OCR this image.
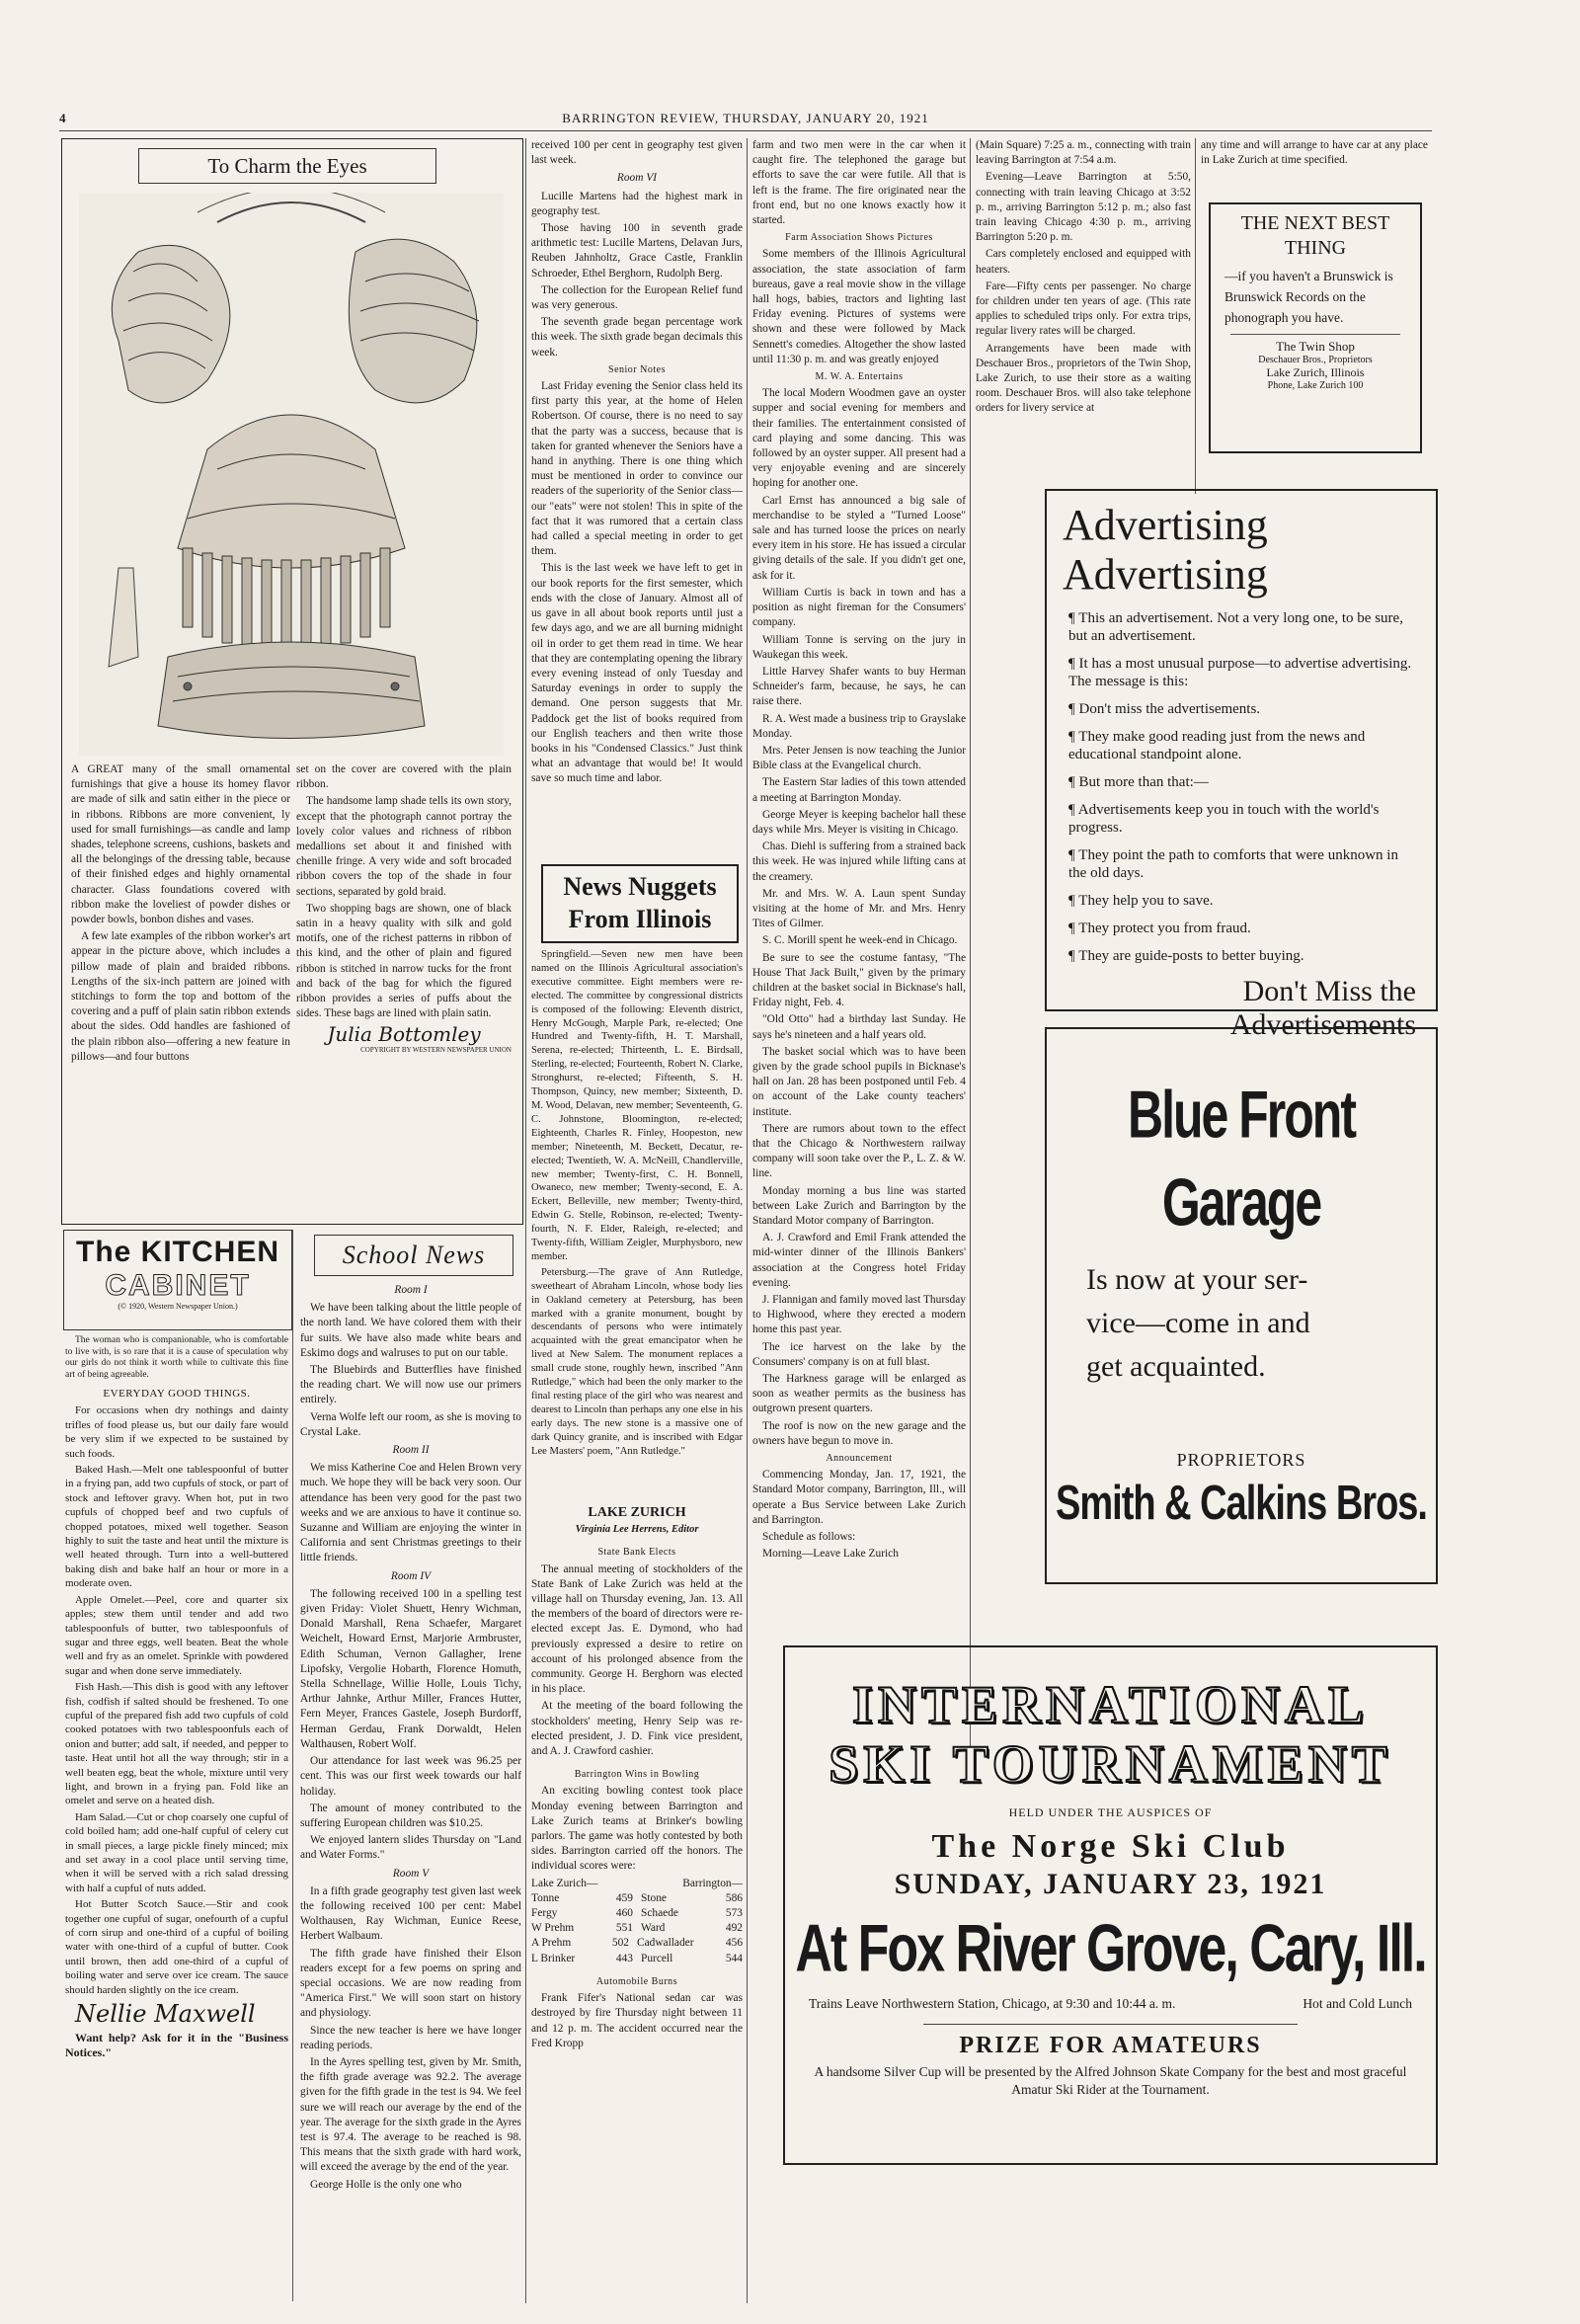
4	BARRINGTON REVIEW, THURSDAY, JANUARY 20, 1921
To Charm the Eyes

A GREAT many of the small ornamental furnishings that give a house its homey flavor are made of silk and satin either in the piece or in ribbons. Ribbons are more convenient, ly used for small furnishings—as candle and lamp shades, telephone screens, cushions, baskets and all the belongings of the dressing table, because of their finished edges and highly ornamental character. Glass foundations covered with ribbon make the loveliest of powder dishes or powder bowls, bonbon dishes and vases.

A few late examples of the ribbon worker's art appear in the picture above, which includes a pillow made of plain and braided ribbons. Lengths of the six-inch pattern are joined with stitchings to form the top and bottom of the covering and a puff of plain satin ribbon extends about the sides. Odd handles are fashioned of the plain ribbon also—offering a new feature in pillows—and four buttons

set on the cover are covered with the plain ribbon.

The handsome lamp shade tells its own story, except that the photograph cannot portray the lovely color values and richness of ribbon medallions set about it and finished with chenille fringe. A very wide and soft brocaded ribbon covers the top of the shade in four sections, separated by gold braid.

Two shopping bags are shown, one of black satin in a heavy quality with silk and gold motifs, one of the richest patterns in ribbon of this kind, and the other of plain and figured ribbon is stitched in narrow tucks for the front and back of the bag for which the figured ribbon provides a series of puffs about the sides. These bags are lined with plain satin.

Julia Bottomley
COPYRIGHT BY WESTERN NEWSPAPER UNION
The KITCHEN
CABINET
(© 1920, Western Newspaper Union.)

The woman who is companionable, who is comfortable to live with, is so rare that it is a cause of speculation why our girls do not think it worth while to cultivate this fine art of being agreeable.

EVERYDAY GOOD THINGS.

For occasions when dry nothings and dainty trifles of food please us, but our daily fare would be very slim if we expected to be sustained by such foods.

Baked Hash.—Melt one tablespoonful of butter in a frying pan, add two cupfuls of stock, or part of stock and leftover gravy. When hot, put in two cupfuls of chopped beef and two cupfuls of chopped potatoes, mixed well together. Season highly to suit the taste and heat until the mixture is well heated through. Turn into a well-buttered baking dish and bake half an hour or more in a moderate oven.

Apple Omelet.—Peel, core and quarter six apples; stew them until tender and add two tablespoonfuls of butter, two tablespoonfuls of sugar and three eggs, well beaten. Beat the whole well and fry as an omelet. Sprinkle with powdered sugar and when done serve immediately.

Fish Hash.—This dish is good with any leftover fish, codfish if salted should be freshened. To one cupful of the prepared fish add two cupfuls of cold cooked potatoes with two tablespoonfuls each of onion and butter; add salt, if needed, and pepper to taste. Heat until hot all the way through; stir in a well beaten egg, beat the whole, mixture until very light, and brown in a frying pan. Fold like an omelet and serve on a heated dish.

Ham Salad.—Cut or chop coarsely one cupful of cold boiled ham; add one-half cupful of celery cut in small pieces, a large pickle finely minced; mix and set away in a cool place until serving time, when it will be served with a rich salad dressing with half a cupful of nuts added.

Hot Butter Scotch Sauce.—Stir and cook together one cupful of sugar, onefourth of a cupful of corn sirup and one-third of a cupful of boiling water with one-third of a cupful of butter. Cook until brown, then add one-third of a cupful of boiling water and serve over ice cream. The sauce should harden slightly on the ice cream.

Nellie Maxwell

Want help? Ask for it in the "Business Notices."

School News

Room I

We have been talking about the little people of the north land. We have colored them with their fur suits. We have also made white bears and Eskimo dogs and walruses to put on our table.

The Bluebirds and Butterflies have finished the reading chart. We will now use our primers entirely.

Verna Wolfe left our room, as she is moving to Crystal Lake.

Room II

We miss Katherine Coe and Helen Brown very much. We hope they will be back very soon. Our attendance has been very good for the past two weeks and we are anxious to have it continue so. Suzanne and William are enjoying the winter in California and sent Christmas greetings to their little friends.

Room IV

The following received 100 in a spelling test given Friday: Violet Shuett, Henry Wichman, Donald Marshall, Rena Schaefer, Margaret Weichelt, Howard Ernst, Marjorie Armbruster, Edith Schuman, Vernon Gallagher, Irene Lipofsky, Vergolie Hobarth, Florence Homuth, Stella Schnellage, Willie Holle, Louis Tichy, Arthur Jahnke, Arthur Miller, Frances Hutter, Fern Meyer, Frances Gastele, Joseph Burdorff, Herman Gerdau, Frank Dorwaldt, Helen Walthausen, Robert Wolf.

Our attendance for last week was 96.25 per cent. This was our first week towards our half holiday.

The amount of money contributed to the suffering European children was $10.25.

We enjoyed lantern slides Thursday on "Land and Water Forms."

Room V

In a fifth grade geography test given last week the following received 100 per cent: Mabel Wolthausen, Ray Wichman, Eunice Reese, Herbert Walbaum.

The fifth grade have finished their Elson readers except for a few poems on spring and special occasions. We are now reading from "America First." We will soon start on history and physiology.

Since the new teacher is here we have longer reading periods.

In the Ayres spelling test, given by Mr. Smith, the fifth grade average was 92.2. The average given for the fifth grade in the test is 94. We feel sure we will reach our average by the end of the year. The average for the sixth grade in the Ayres test is 97.4. The average to be reached is 98. This means that the sixth grade with hard work, will exceed the average by the end of the year.

George Holle is the only one who

received 100 per cent in geography test given last week.

Room VI

Lucille Martens had the highest mark in geography test.

Those having 100 in seventh grade arithmetic test: Lucille Martens, Delavan Jurs, Reuben Jahnholtz, Grace Castle, Franklin Schroeder, Ethel Berghorn, Rudolph Berg.

The collection for the European Relief fund was very generous.

The seventh grade began percentage work this week. The sixth grade began decimals this week.

Senior Notes

Last Friday evening the Senior class held its first party this year, at the home of Helen Robertson. Of course, there is no need to say that the party was a success, because that is taken for granted whenever the Seniors have a hand in anything. There is one thing which must be mentioned in order to convince our readers of the superiority of the Senior class—our "eats" were not stolen! This in spite of the fact that it was rumored that a certain class had called a special meeting in order to get them.

This is the last week we have left to get in our book reports for the first semester, which ends with the close of January. Almost all of us gave in all about book reports until just a few days ago, and we are all burning midnight oil in order to get them read in time. We hear that they are contemplating opening the library every evening instead of only Tuesday and Saturday evenings in order to supply the demand. One person suggests that Mr. Paddock get the list of books required from our English teachers and then write those books in his "Condensed Classics." Just think what an advantage that would be! It would save so much time and labor.

News Nuggets
From Illinois

Springfield.—Seven new men have been named on the Illinois Agricultural association's executive committee. Eight members were re-elected. The committee by congressional districts is composed of the following: Eleventh district, Henry McGough, Marple Park, re-elected; One Hundred and Twenty-fifth, H. T. Marshall, Serena, re-elected; Thirteenth, L. E. Birdsall, Sterling, re-elected; Fourteenth, Robert N. Clarke, Stronghurst, re-elected; Fifteenth, S. H. Thompson, Quincy, new member; Sixteenth, D. M. Wood, Delavan, new member; Seventeenth, G. C. Johnstone, Bloomington, re-elected; Eighteenth, Charles R. Finley, Hoopeston, new member; Nineteenth, M. Beckett, Decatur, re-elected; Twentieth, W. A. McNeill, Chandlerville, new member; Twenty-first, C. H. Bonnell, Owaneco, new member; Twenty-second, E. A. Eckert, Belleville, new member; Twenty-third, Edwin G. Stelle, Robinson, re-elected; Twenty-fourth, N. F. Elder, Raleigh, re-elected; and Twenty-fifth, William Zeigler, Murphysboro, new member.

Petersburg.—The grave of Ann Rutledge, sweetheart of Abraham Lincoln, whose body lies in Oakland cemetery at Petersburg, has been marked with a granite monument, bought by descendants of persons who were intimately acquainted with the great emancipator when he lived at New Salem. The monument replaces a small crude stone, roughly hewn, inscribed "Ann Rutledge," which had been the only marker to the final resting place of the girl who was nearest and dearest to Lincoln than perhaps any one else in his early days. The new stone is a massive one of dark Quincy granite, and is inscribed with Edgar Lee Masters' poem, "Ann Rutledge."

LAKE ZURICH

Virginia Lee Herrens, Editor

State Bank Elects

The annual meeting of stockholders of the State Bank of Lake Zurich was held at the village hall on Thursday evening, Jan. 13. All the members of the board of directors were re-elected except Jas. E. Dymond, who had previously expressed a desire to retire on account of his prolonged absence from the community. George H. Berghorn was elected in his place.

At the meeting of the board following the stockholders' meeting, Henry Seip was re-elected president, J. D. Fink vice president, and A. J. Crawford cashier.

Barrington Wins in Bowling

An exciting bowling contest took place Monday evening between Barrington and Lake Zurich teams at Brinker's bowling parlors. The game was hotly contested by both sides. Barrington carried off the honors. The individual scores were:

Lake Zurich—	Barrington—
Tonne	459 Stone	586
Fergy	460 Schaede	573
W Prehm	551 Ward	492
A Prehm	502 Cadwallader	456
L Brinker	443 Purcell	544

Automobile Burns

Frank Fifer's National sedan car was destroyed by fire Thursday night between 11 and 12 p. m. The accident occurred near the Fred Kropp

farm and two men were in the car when it caught fire. The telephoned the garage but efforts to save the car were futile. All that is left is the frame. The fire originated near the front end, but no one knows exactly how it started.

Farm Association Shows Pictures

Some members of the Illinois Agricultural association, the state association of farm bureaus, gave a real movie show in the village hall hogs, babies, tractors and lighting last Friday evening. Pictures of systems were shown and these were followed by Mack Sennett's comedies. Altogether the show lasted until 11:30 p. m. and was greatly enjoyed

M. W. A. Entertains

The local Modern Woodmen gave an oyster supper and social evening for members and their families. The entertainment consisted of card playing and some dancing. This was followed by an oyster supper. All present had a very enjoyable evening and are sincerely hoping for another one.

Carl Ernst has announced a big sale of merchandise to be styled a "Turned Loose" sale and has turned loose the prices on nearly every item in his store. He has issued a circular giving details of the sale. If you didn't get one, ask for it.

William Curtis is back in town and has a position as night fireman for the Consumers' company.

William Tonne is serving on the jury in Waukegan this week.

Little Harvey Shafer wants to buy Herman Schneider's farm, because, he says, he can raise there.

R. A. West made a business trip to Grayslake Monday.

Mrs. Peter Jensen is now teaching the Junior Bible class at the Evangelical church.

The Eastern Star ladies of this town attended a meeting at Barrington Monday.

George Meyer is keeping bachelor hall these days while Mrs. Meyer is visiting in Chicago.

Chas. Diehl is suffering from a strained back this week. He was injured while lifting cans at the creamery.

Mr. and Mrs. W. A. Laun spent Sunday visiting at the home of Mr. and Mrs. Henry Tites of Gilmer.

S. C. Morill spent he week-end in Chicago.

Be sure to see the costume fantasy, "The House That Jack Built," given by the primary children at the basket social in Bicknase's hall, Friday night, Feb. 4.

"Old Otto" had a birthday last Sunday. He says he's nineteen and a half years old.

The basket social which was to have been given by the grade school pupils in Bicknase's hall on Jan. 28 has been postponed until Feb. 4 on account of the Lake county teachers' institute.

There are rumors about town to the effect that the Chicago & Northwestern railway company will soon take over the P., L. Z. & W. line.

Monday morning a bus line was started between Lake Zurich and Barrington by the Standard Motor company of Barrington.

A. J. Crawford and Emil Frank attended the mid-winter dinner of the Illinois Bankers' association at the Congress hotel Friday evening.

J. Flannigan and family moved last Thursday to Highwood, where they erected a modern home this past year.

The ice harvest on the lake by the Consumers' company is on at full blast.

The Harkness garage will be enlarged as soon as weather permits as the business has outgrown present quarters.

The roof is now on the new garage and the owners have begun to move in.

Announcement

Commencing Monday, Jan. 17, 1921, the Standard Motor company, Barrington, Ill., will operate a Bus Service between Lake Zurich and Barrington.

Schedule as follows:

Morning—Leave Lake Zurich

(Main Square) 7:25 a. m., connecting with train leaving Barrington at 7:54 a.m.

Evening—Leave Barrington at 5:50, connecting with train leaving Chicago at 3:52 p. m., arriving Barrington 5:12 p. m.; also fast train leaving Chicago 4:30 p. m., arriving Barrington 5:20 p. m.

Cars completely enclosed and equipped with heaters.

Fare—Fifty cents per passenger. No charge for children under ten years of age. (This rate applies to scheduled trips only. For extra trips, regular livery rates will be charged.

Arrangements have been made with Deschauer Bros., proprietors of the Twin Shop, Lake Zurich, to use their store as a waiting room. Deschauer Bros. will also take telephone orders for livery service at

any time and will arrange to have car at any place in Lake Zurich at time specified.

THE NEXT BEST
THING
—if you haven't a Brunswick is Brunswick Records on the phonograph you have.
The Twin Shop
Deschauer Bros., Proprietors
Lake Zurich, Illinois
Phone, Lake Zurich 100
Advertising
Advertising

¶ This an advertisement. Not a very long one, to be sure, but an advertisement.

¶ It has a most unusual purpose—to advertise advertising. The message is this:

¶ Don't miss the advertisements.

¶ They make good reading just from the news and educational standpoint alone.

¶ But more than that:—

¶ Advertisements keep you in touch with the world's progress.

¶ They point the path to comforts that were unknown in the old days.

¶ They help you to save.

¶ They protect you from fraud.

¶ They are guide-posts to better buying.

Don't Miss the
Advertisements
Blue Front Garage
Is now at your ser-
vice—come in and
get acquainted.
PROPRIETORS
Smith & Calkins Bros.
INTERNATIONAL
SKI TOURNAMENT
HELD UNDER THE AUSPICES OF
The Norge Ski Club
SUNDAY, JANUARY 23, 1921
At Fox River Grove, Cary, Ill.
Trains Leave Northwestern Station, Chicago, at 9:30 and 10:44 a. m.	Hot and Cold Lunch
PRIZE FOR AMATEURS
A handsome Silver Cup will be presented by the Alfred Johnson Skate Company for the best and most graceful Amatur Ski Rider at the Tournament.
